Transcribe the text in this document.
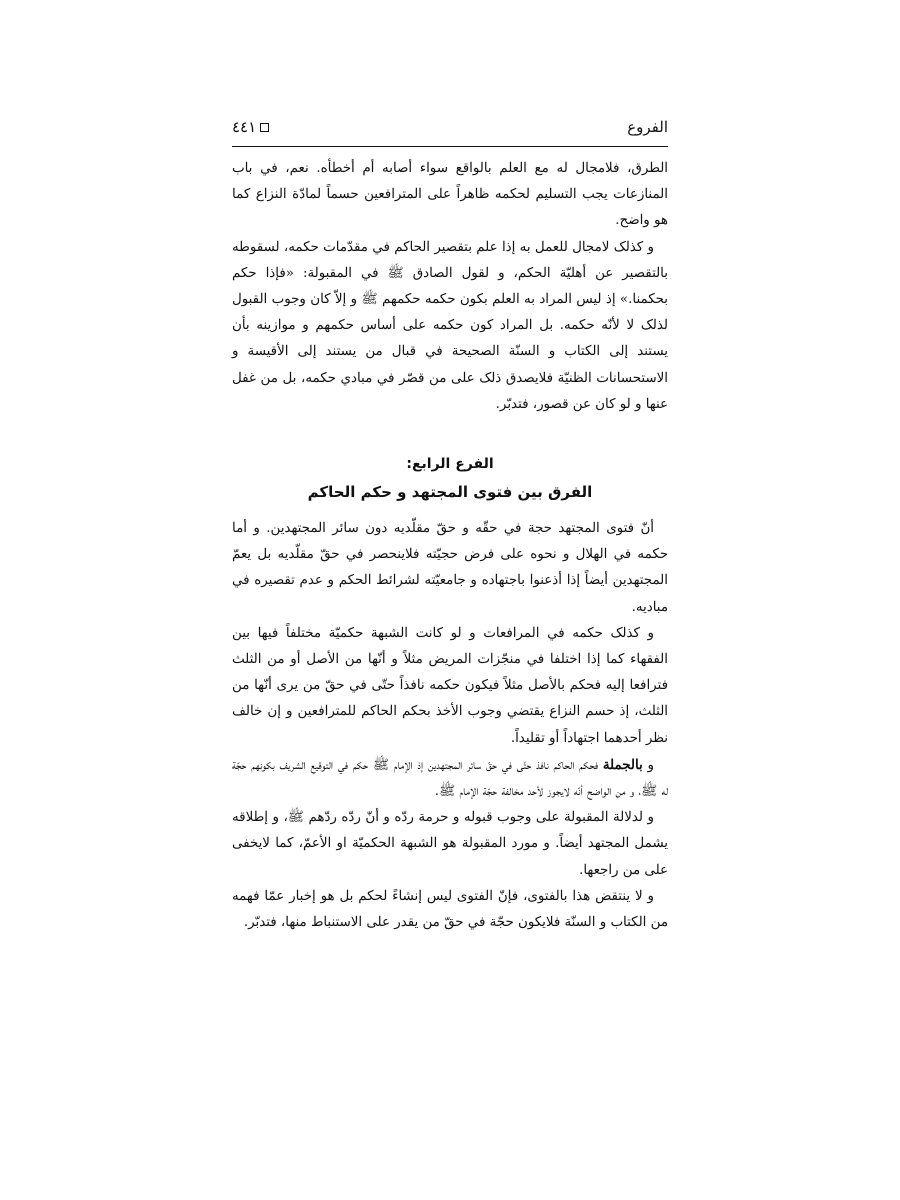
الفروع
٤٤١

الطرق، فلامجال له مع العلم بالواقع سواء أصابه أم أخطأه. نعم، في باب المنازعات يجب التسليم لحكمه ظاهراً على المترافعين حسماً لمادّة النزاع كما هو واضح.

و كذلک لامجال للعمل به إذا علم بتقصير الحاكم في مقدّمات حكمه، لسقوطه بالتقصير عن أهليّة الحكم، و لقول الصادق ﷺ في المقبولة: «فإذا حكم بحكمنا.» إذ ليس المراد به العلم بكون حكمه حكمهم ﷺ و إلاّ كان وجوب القبول لذلک لا لأنّه حكمه. بل المراد كون حكمه على أساس حكمهم و موازينه بأن يستند إلى الكتاب و السنّة الصحيحة في قبال من يستند إلى الأقيسة و الاستحسانات الظنيّة فلايصدق ذلک على من قصّر في مبادي حكمه، بل من غفل عنها و لو كان عن قصور، فتدبّر.

الفرع الرابع:
الفرق بين فتوى المجتهد و حكم الحاكم

أنّ فتوى المجتهد حجة في حقّه و حقّ مقلّديه دون سائر المجتهدين. و أما حكمه في الهلال و نحوه على فرض حجيّته فلاينحصر في حقّ مقلّديه بل يعمّ المجتهدين أيضاً إذا أذعنوا باجتهاده و جامعيّته لشرائط الحكم و عدم تقصيره في مباديه.

و كذلک حكمه في المرافعات و لو كانت الشبهة حكميّة مختلفاً فيها بين الفقهاء كما إذا اختلفا في منجّزات المريض مثلاً و أنّها من الأصل أو من الثلث فترافعا إليه فحكم بالأصل مثلاً فيكون حكمه نافذاً حتّى في حقّ من يرى أنّها من الثلث، إذ حسم النزاع يقتضي وجوب الأخذ بحكم الحاكم للمترافعين و إن خالف نظر أحدهما اجتهاداً أو تقليداً.

و بالجملة فحكم الحاكم نافذ حتّى في حقّ سائر المجتهدين إذ الإمام ﷺ حكم في التوقيع الشريف بكونهم حجّة له ﷺ، و من الواضح أنّه لايجوز لأحد مخالفة حجّة الإمام ﷺ.

و لدلالة المقبولة على وجوب قبوله و حرمة ردّه و أنّ ردّه ردّهم ﷺ، و إطلاقه يشمل المجتهد أيضاً. و مورد المقبولة هو الشبهة الحكميّة او الأعمّ، كما لايخفى على من راجعها.

و لا ينتقض هذا بالفتوى، فإنّ الفتوى ليس إنشاءً لحكم بل هو إخبار عمّا فهمه من الكتاب و السنّة فلايكون حجّة في حقّ من يقدر على الاستنباط منها، فتدبّر.
